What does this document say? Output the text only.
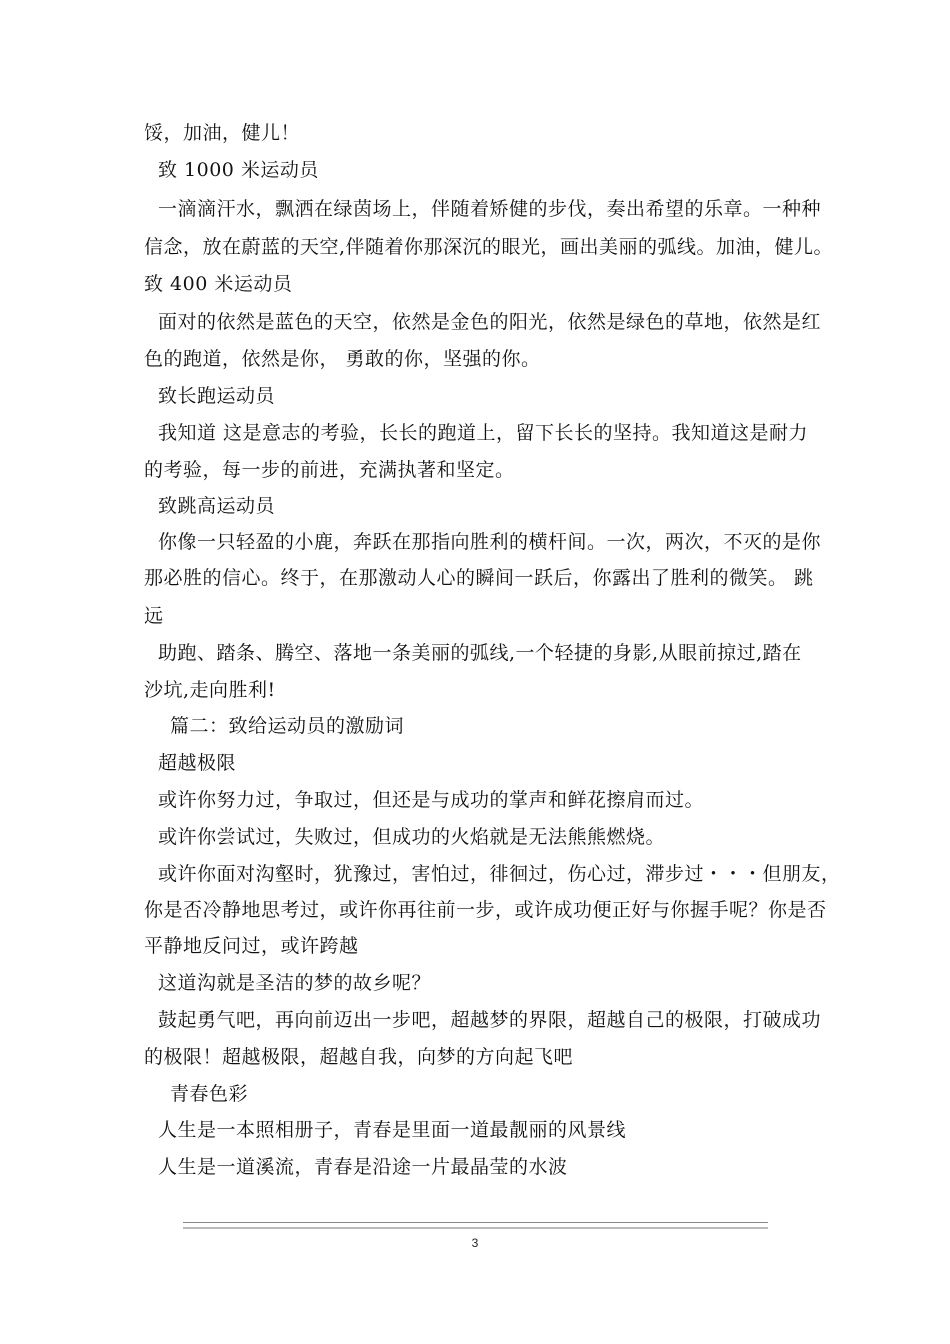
馁，加油，健儿！
致 1000 米运动员
一滴滴汗水，飘洒在绿茵场上，伴随着矫健的步伐，奏出希望的乐章。一种种
信念，放在蔚蓝的天空,伴随着你那深沉的眼光，画出美丽的弧线。加油，健儿。
致 400 米运动员
面对的依然是蓝色的天空，依然是金色的阳光，依然是绿色的草地，依然是红
色的跑道，依然是你， 勇敢的你，坚强的你。
致长跑运动员
我知道 这是意志的考验，长长的跑道上，留下长长的坚持。我知道这是耐力
的考验，每一步的前进，充满执著和坚定。
致跳高运动员
你像一只轻盈的小鹿，奔跃在那指向胜利的横杆间。一次，两次，不灭的是你
那必胜的信心。终于，在那激动人心的瞬间一跃后，你露出了胜利的微笑。 跳
远
助跑、踏条、腾空、落地一条美丽的弧线,一个轻捷的身影,从眼前掠过,踏在
沙坑,走向胜利!
篇二：致给运动员的激励词
超越极限
或许你努力过，争取过，但还是与成功的掌声和鲜花擦肩而过。
或许你尝试过，失败过，但成功的火焰就是无法熊熊燃烧。
或许你面对沟壑时，犹豫过，害怕过，徘徊过，伤心过，滞步过・・・但朋友，
你是否冷静地思考过，或许你再往前一步，或许成功便正好与你握手呢？你是否
平静地反问过，或许跨越
这道沟就是圣洁的梦的故乡呢？
鼓起勇气吧，再向前迈出一步吧，超越梦的界限，超越自己的极限，打破成功
的极限！超越极限，超越自我，向梦的方向起飞吧
青春色彩
人生是一本照相册子，青春是里面一道最靓丽的风景线
人生是一道溪流，青春是沿途一片最晶莹的水波
3
